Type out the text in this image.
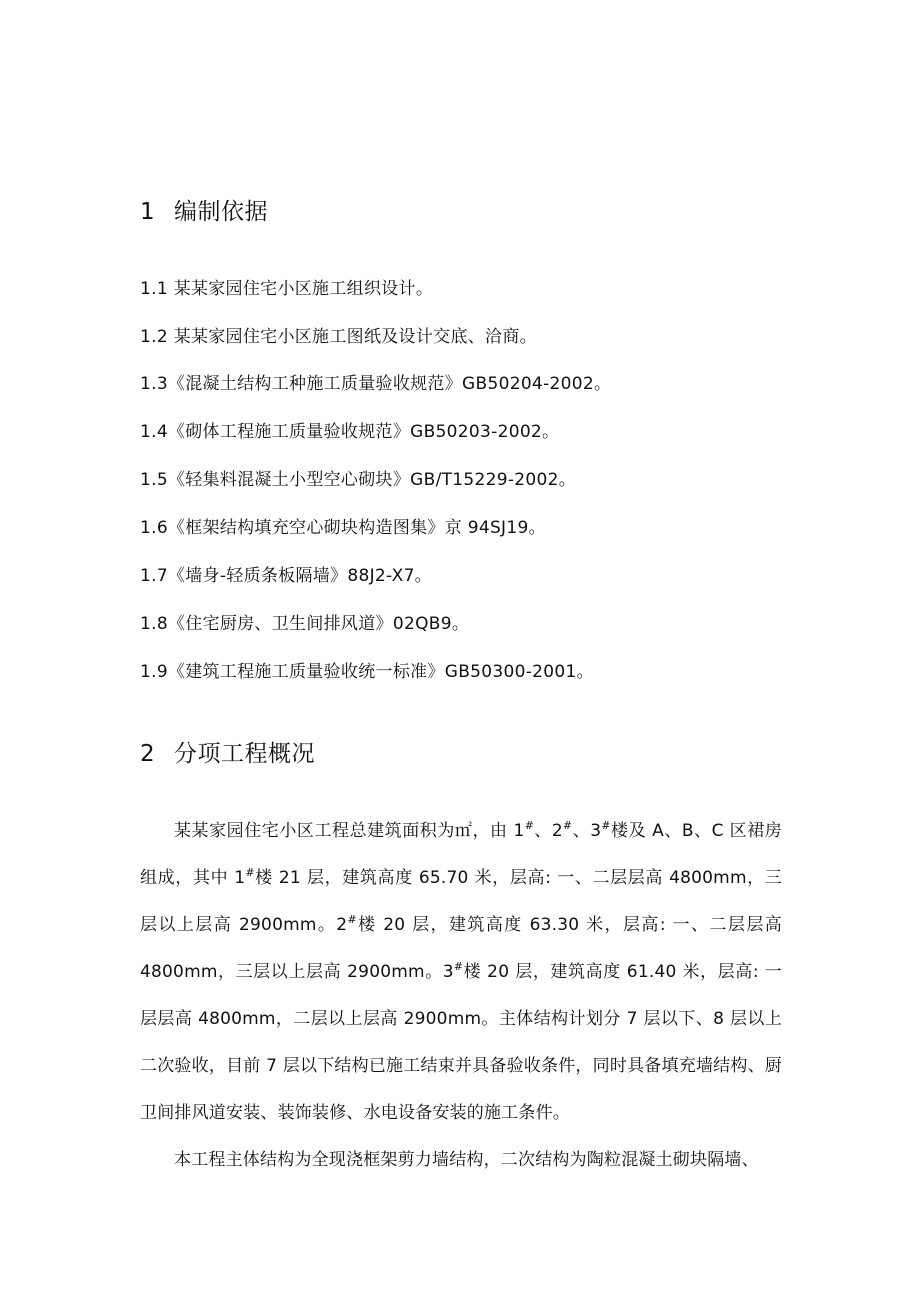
1 编制依据
1.1 某某家园住宅小区施工组织设计。
1.2 某某家园住宅小区施工图纸及设计交底、洽商。
1.3《混凝土结构工种施工质量验收规范》GB50204-2002。
1.4《砌体工程施工质量验收规范》GB50203-2002。
1.5《轻集料混凝土小型空心砌块》GB/T15229-2002。
1.6《框架结构填充空心砌块构造图集》京 94SJ19。
1.7《墙身-轻质条板隔墙》88J2-X7。
1.8《住宅厨房、卫生间排风道》02QB9。
1.9《建筑工程施工质量验收统一标准》GB50300-2001。
2 分项工程概况

某某家园住宅小区工程总建筑面积为㎡，由 1#、2#、3#楼及 A、B、C 区裙房组成，其中 1#楼 21 层，建筑高度 65.70 米，层高: 一、二层层高 4800mm，三层以上层高 2900mm。2#楼 20 层，建筑高度 63.30 米，层高: 一、二层层高 4800mm，三层以上层高 2900mm。3#楼 20 层，建筑高度 61.40 米，层高: 一层层高 4800mm，二层以上层高 2900mm。主体结构计划分 7 层以下、8 层以上二次验收，目前 7 层以下结构已施工结束并具备验收条件，同时具备填充墙结构、厨卫间排风道安装、装饰装修、水电设备安装的施工条件。

本工程主体结构为全现浇框架剪力墙结构，二次结构为陶粒混凝土砌块隔墙、
